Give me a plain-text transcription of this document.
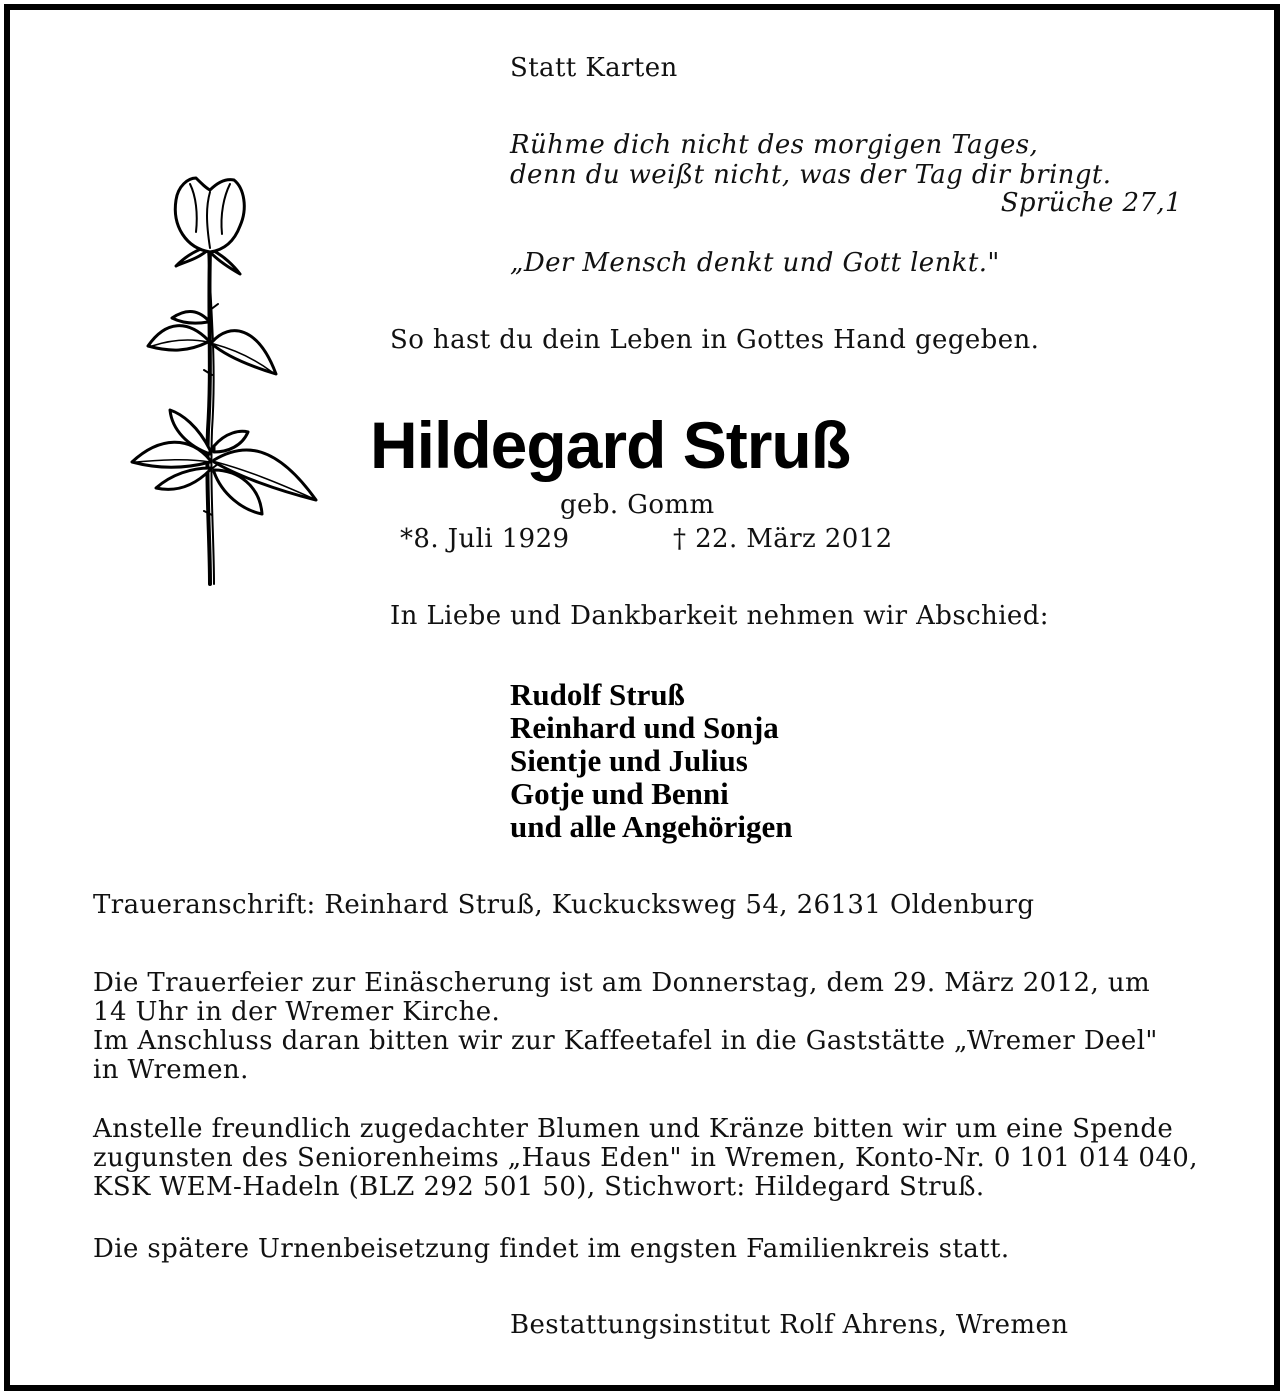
Statt Karten
Rühme dich nicht des morgigen Tages,
denn du weißt nicht, was der Tag dir bringt.
Sprüche 27,1
„Der Mensch denkt und Gott lenkt."
So hast du dein Leben in Gottes Hand gegeben.
Hildegard Struß
geb. Gomm
*8. Juli 1929	† 22. März 2012
In Liebe und Dankbarkeit nehmen wir Abschied:
Rudolf Struß
Reinhard und Sonja
Sientje und Julius
Gotje und Benni
und alle Angehörigen
Traueranschrift: Reinhard Struß, Kuckucksweg 54, 26131 Oldenburg
Die Trauerfeier zur Einäscherung ist am Donnerstag, dem 29. März 2012, um
14 Uhr in der Wremer Kirche.
Im Anschluss daran bitten wir zur Kaffeetafel in die Gaststätte „Wremer Deel"
in Wremen.
Anstelle freundlich zugedachter Blumen und Kränze bitten wir um eine Spende
zugunsten des Seniorenheims „Haus Eden" in Wremen, Konto-Nr. 0 101 014 040,
KSK WEM-Hadeln (BLZ 292 501 50), Stichwort: Hildegard Struß.
Die spätere Urnenbeisetzung findet im engsten Familienkreis statt.
Bestattungsinstitut Rolf Ahrens, Wremen
